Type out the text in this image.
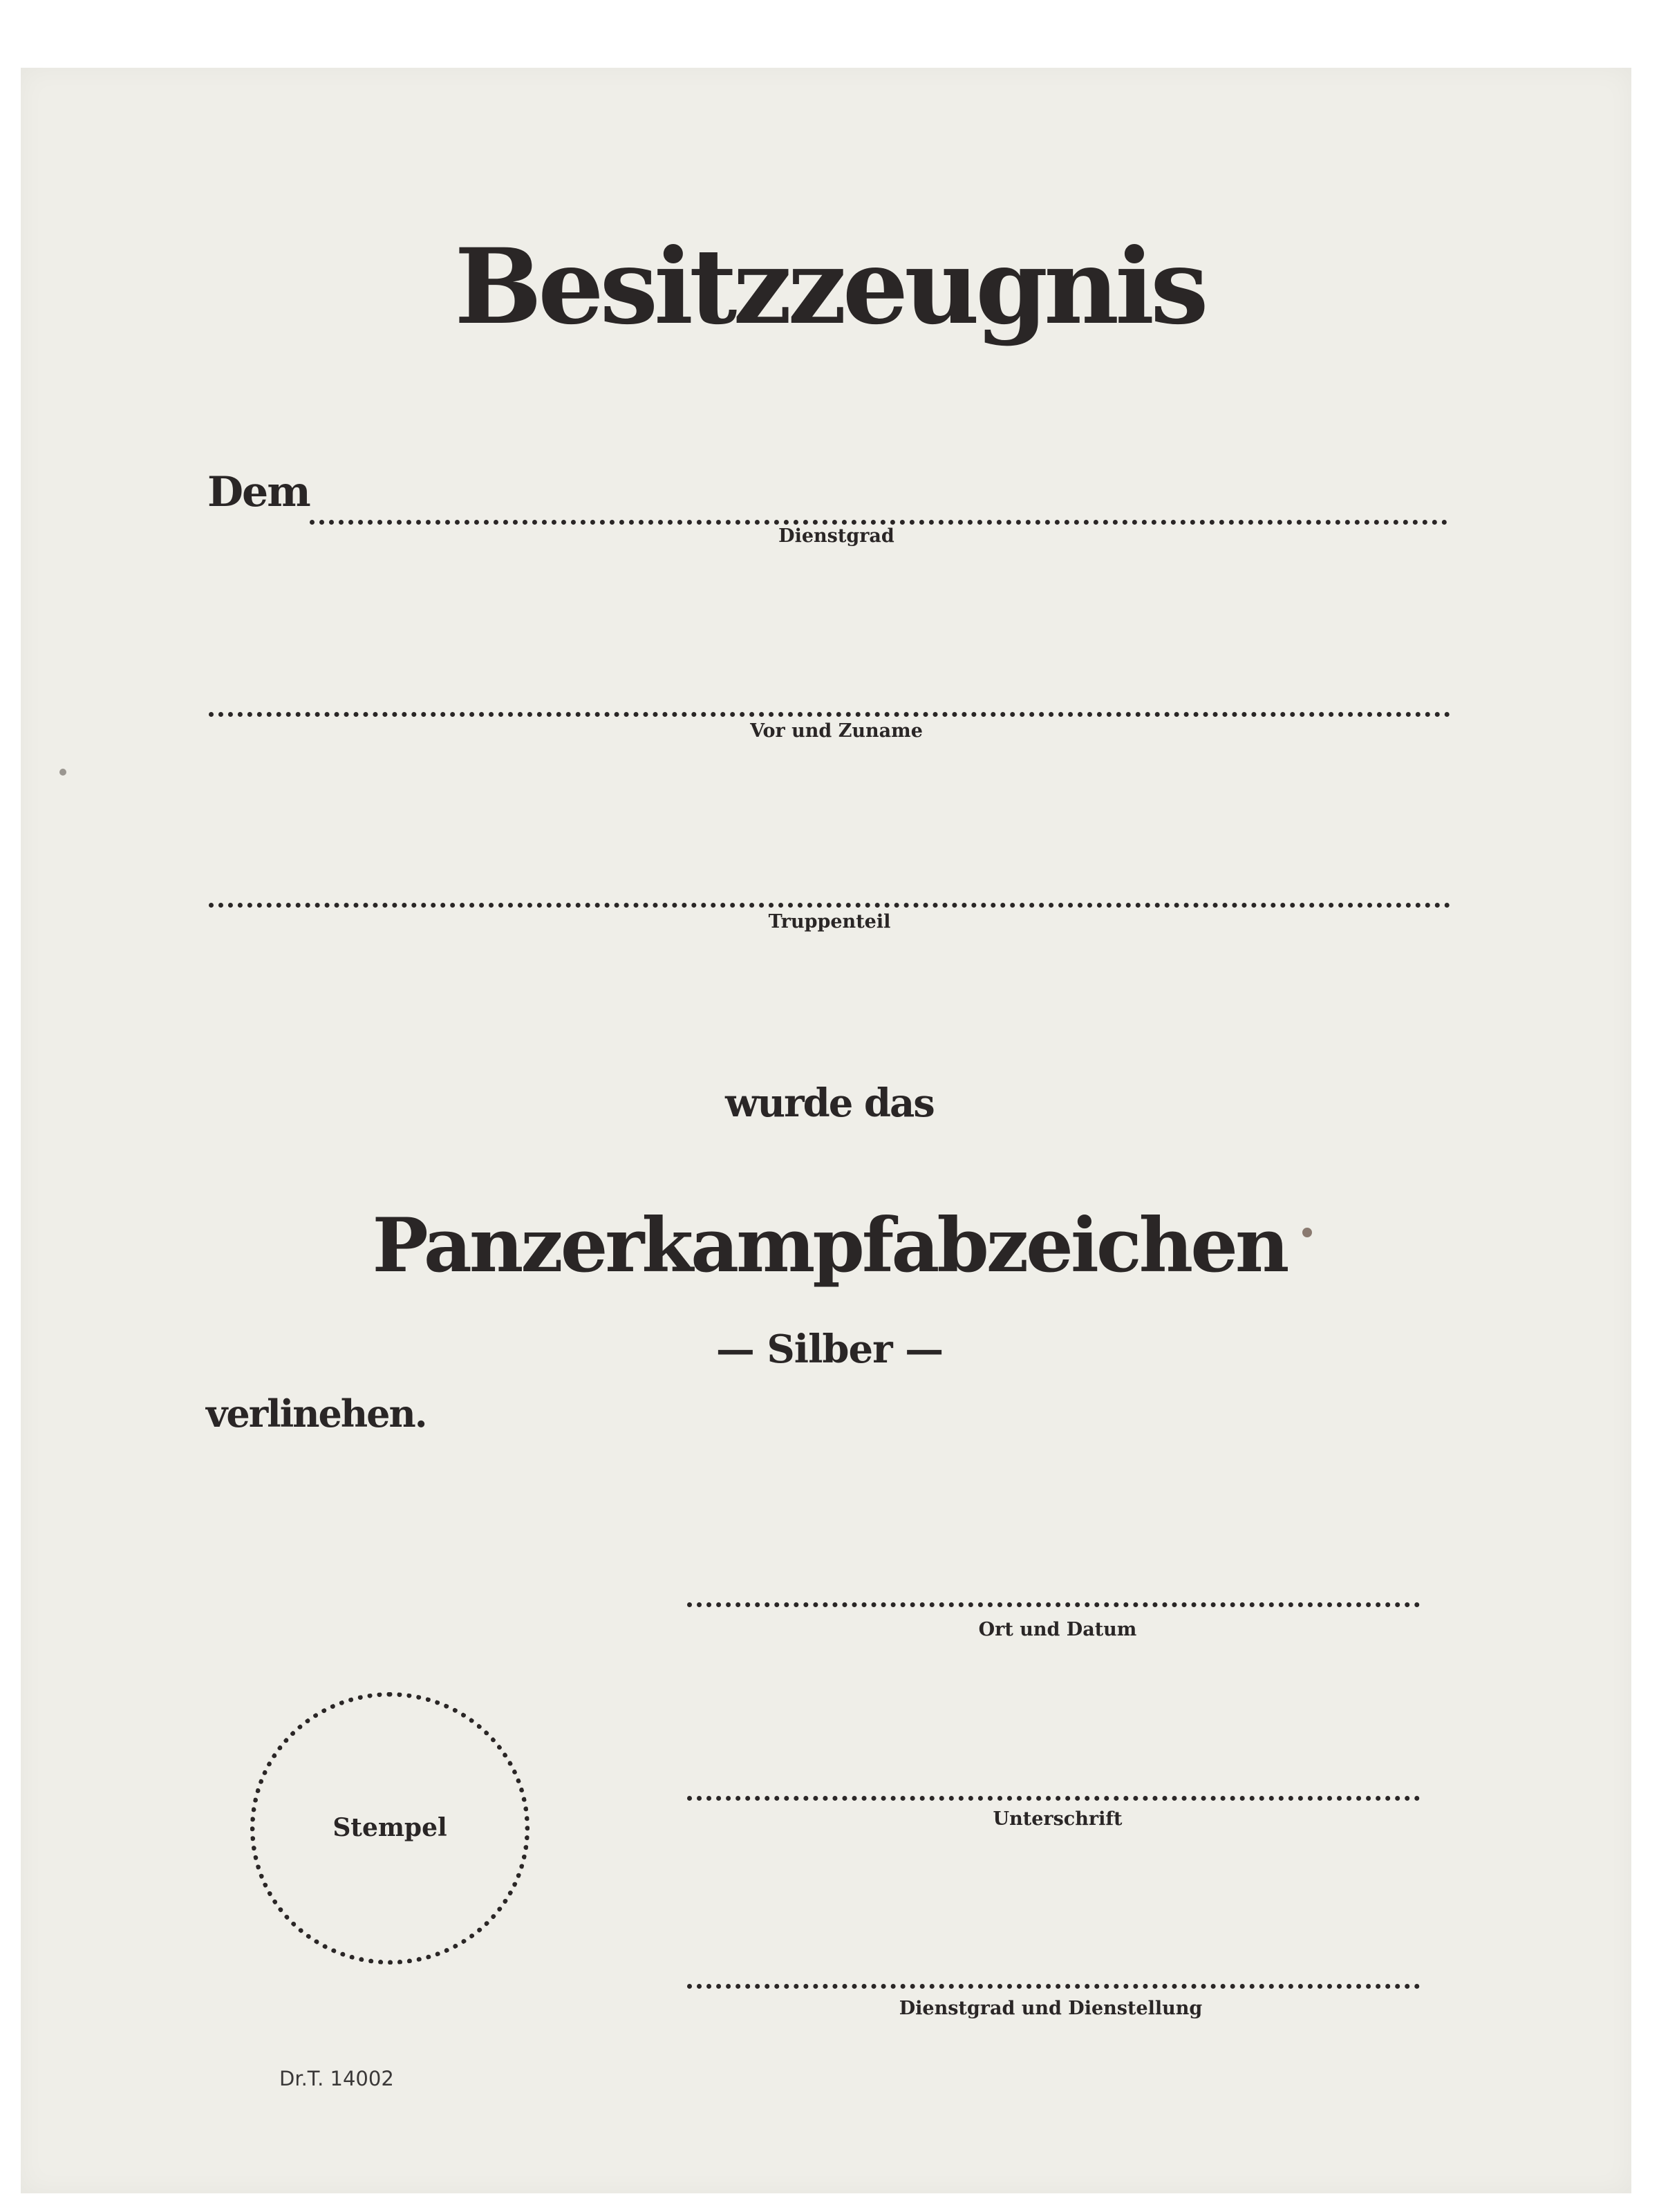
Besitzzeugnis
Dem
Dienstgrad
Vor und Zuname
Truppenteil
wurde das
Panzerkampfabzeichen
— Silber —
verlinehen.
Ort und Datum
Unterschrift
Dienstgrad und Dienstellung
Stempel
Dr.T. 14002
